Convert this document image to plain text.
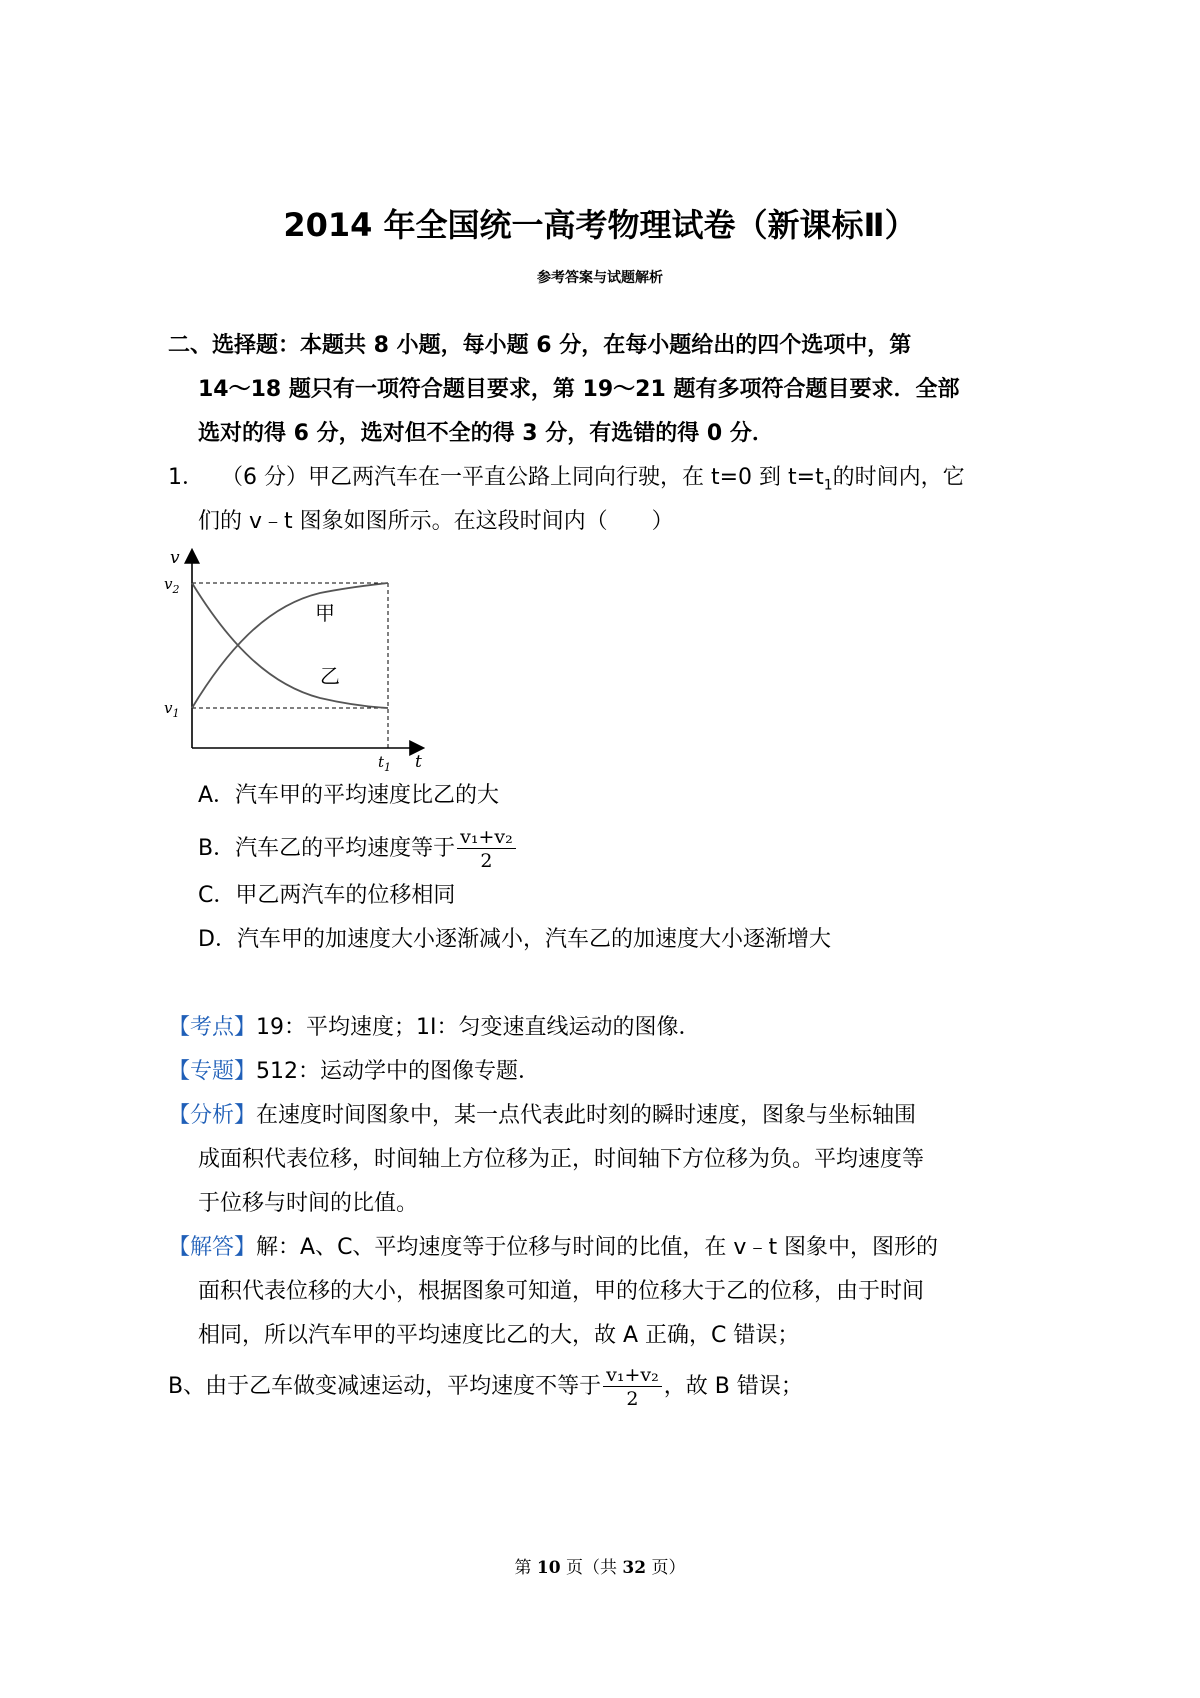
2014 年全国统一高考物理试卷（新课标Ⅱ）
参考答案与试题解析
二、选择题：本题共 8 小题，每小题 6 分，在每小题给出的四个选项中，第
14～18 题只有一项符合题目要求，第 19～21 题有多项符合题目要求．全部
选对的得 6 分，选对但不全的得 3 分，有选错的得 0 分．
1． （6 分）甲乙两汽车在一平直公路上同向行驶，在 t=0 到 $t=t_1$的时间内，它
们的 v﹣t 图象如图所示。在这段时间内（　　）
v
$v_2$
$v_1$
t
$t_1$
甲
乙
A．汽车甲的平均速度比乙的大
B．汽车乙的平均速度等于 $\frac{\text{v₁+v₂}}{2}$
C．甲乙两汽车的位移相同
D．汽车甲的加速度大小逐渐减小，汽车乙的加速度大小逐渐增大
【考点】19：平均速度；1I：匀变速直线运动的图像．
【专题】512：运动学中的图像专题．
【分析】在速度时间图象中，某一点代表此时刻的瞬时速度，图象与坐标轴围
成面积代表位移，时间轴上方位移为正，时间轴下方位移为负。平均速度等
于位移与时间的比值。
【解答】解：A、C、平均速度等于位移与时间的比值，在 v﹣t 图象中，图形的
面积代表位移的大小，根据图象可知道，甲的位移大于乙的位移，由于时间
相同，所以汽车甲的平均速度比乙的大，故 A 正确，C 错误；
B、由于乙车做变减速运动，平均速度不等于 $\frac{\text{v₁+v₂}}{2}$ ，故 B 错误；
第 10 页（共 32 页）
